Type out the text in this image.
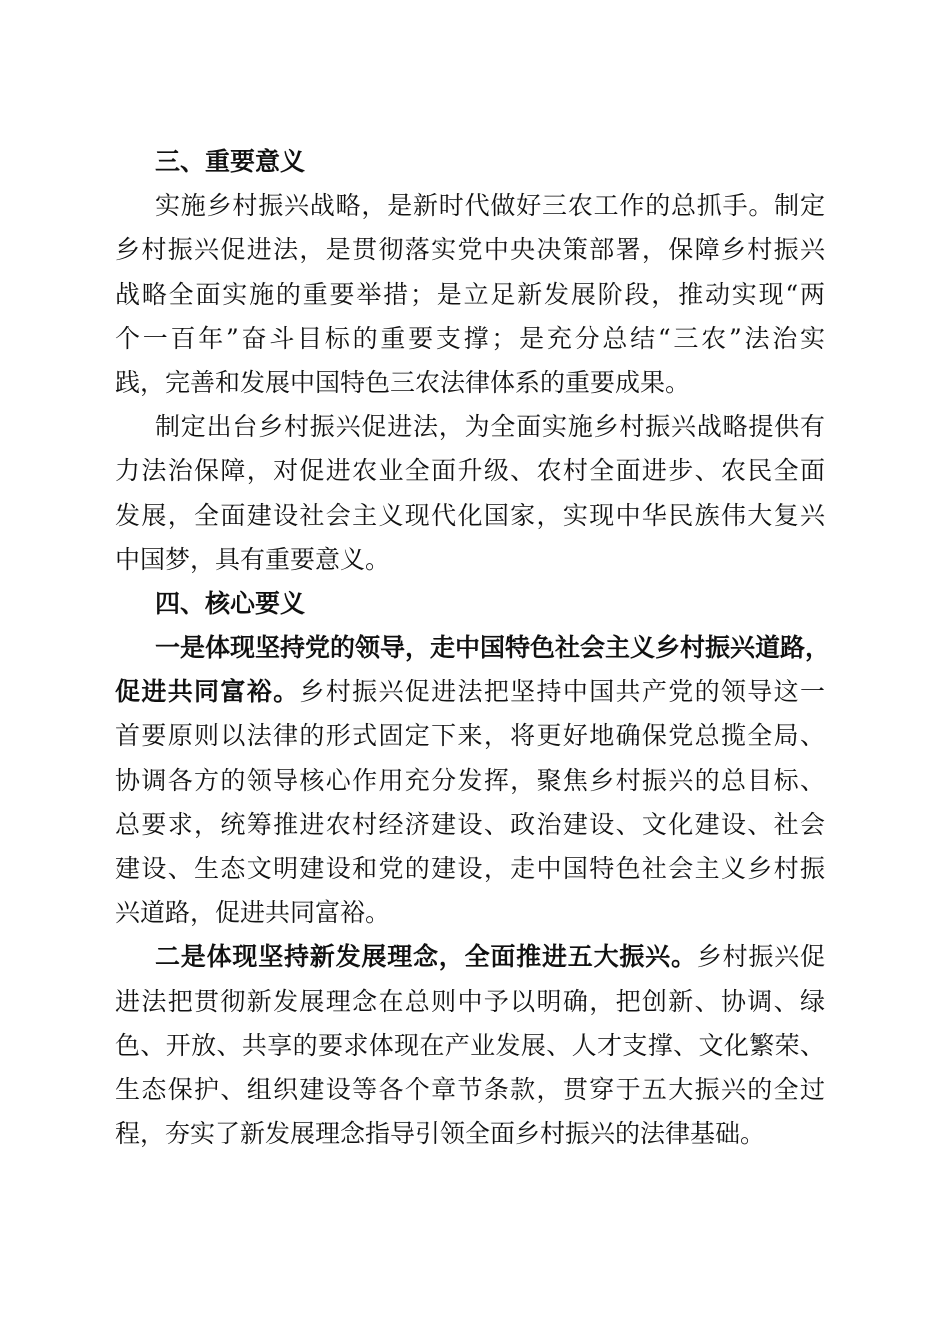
三、重要意义
实施乡村振兴战略，是新时代做好三农工作的总抓手。制定
乡村振兴促进法，是贯彻落实党中央决策部署，保障乡村振兴
战略全面实施的重要举措；是立足新发展阶段，推动实现“两
个一百年”奋斗目标的重要支撑；是充分总结“三农”法治实
践，完善和发展中国特色三农法律体系的重要成果。
制定出台乡村振兴促进法，为全面实施乡村振兴战略提供有
力法治保障，对促进农业全面升级、农村全面进步、农民全面
发展，全面建设社会主义现代化国家，实现中华民族伟大复兴
中国梦，具有重要意义。
四、核心要义
一是体现坚持党的领导，走中国特色社会主义乡村振兴道路，
促进共同富裕。乡村振兴促进法把坚持中国共产党的领导这一
首要原则以法律的形式固定下来，将更好地确保党总揽全局、
协调各方的领导核心作用充分发挥，聚焦乡村振兴的总目标、
总要求，统筹推进农村经济建设、政治建设、文化建设、社会
建设、生态文明建设和党的建设，走中国特色社会主义乡村振
兴道路，促进共同富裕。
二是体现坚持新发展理念，全面推进五大振兴。乡村振兴促
进法把贯彻新发展理念在总则中予以明确，把创新、协调、绿
色、开放、共享的要求体现在产业发展、人才支撑、文化繁荣、
生态保护、组织建设等各个章节条款，贯穿于五大振兴的全过
程，夯实了新发展理念指导引领全面乡村振兴的法律基础。
